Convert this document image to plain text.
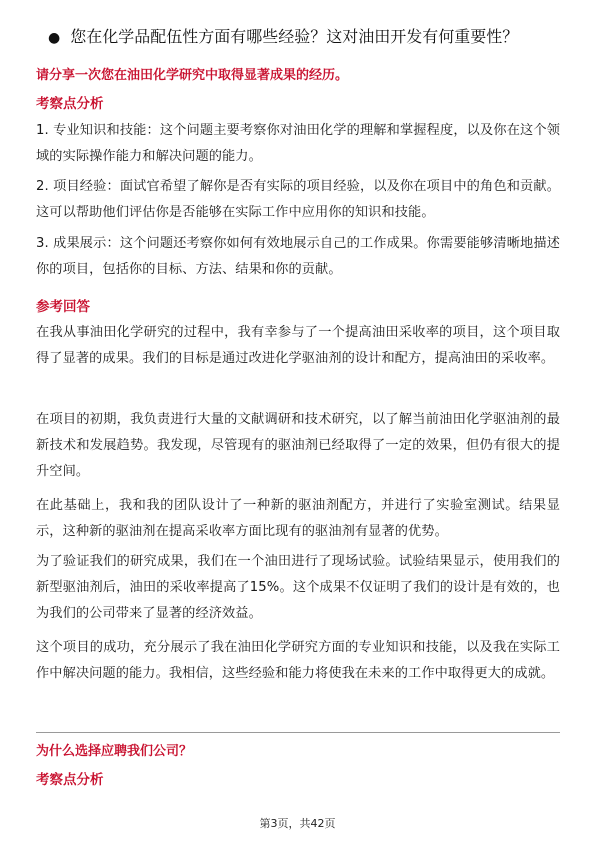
● 您在化学品配伍性方面有哪些经验？这对油田开发有何重要性？
请分享一次您在油田化学研究中取得显著成果的经历。
考察点分析
1. 专业知识和技能：这个问题主要考察你对油田化学的理解和掌握程度，以及你在这个领域的实际操作能力和解决问题的能力。
2. 项目经验：面试官希望了解你是否有实际的项目经验，以及你在项目中的角色和贡献。这可以帮助他们评估你是否能够在实际工作中应用你的知识和技能。
3. 成果展示：这个问题还考察你如何有效地展示自己的工作成果。你需要能够清晰地描述你的项目，包括你的目标、方法、结果和你的贡献。
参考回答
在我从事油田化学研究的过程中，我有幸参与了一个提高油田采收率的项目，这个项目取得了显著的成果。我们的目标是通过改进化学驱油剂的设计和配方，提高油田的采收率。
在项目的初期，我负责进行大量的文献调研和技术研究，以了解当前油田化学驱油剂的最新技术和发展趋势。我发现，尽管现有的驱油剂已经取得了一定的效果，但仍有很大的提升空间。
在此基础上，我和我的团队设计了一种新的驱油剂配方，并进行了实验室测试。结果显示，这种新的驱油剂在提高采收率方面比现有的驱油剂有显著的优势。
为了验证我们的研究成果，我们在一个油田进行了现场试验。试验结果显示，使用我们的新型驱油剂后，油田的采收率提高了15%。这个成果不仅证明了我们的设计是有效的，也为我们的公司带来了显著的经济效益。
这个项目的成功，充分展示了我在油田化学研究方面的专业知识和技能，以及我在实际工作中解决问题的能力。我相信，这些经验和能力将使我在未来的工作中取得更大的成就。
为什么选择应聘我们公司？
考察点分析
第3页，共42页
